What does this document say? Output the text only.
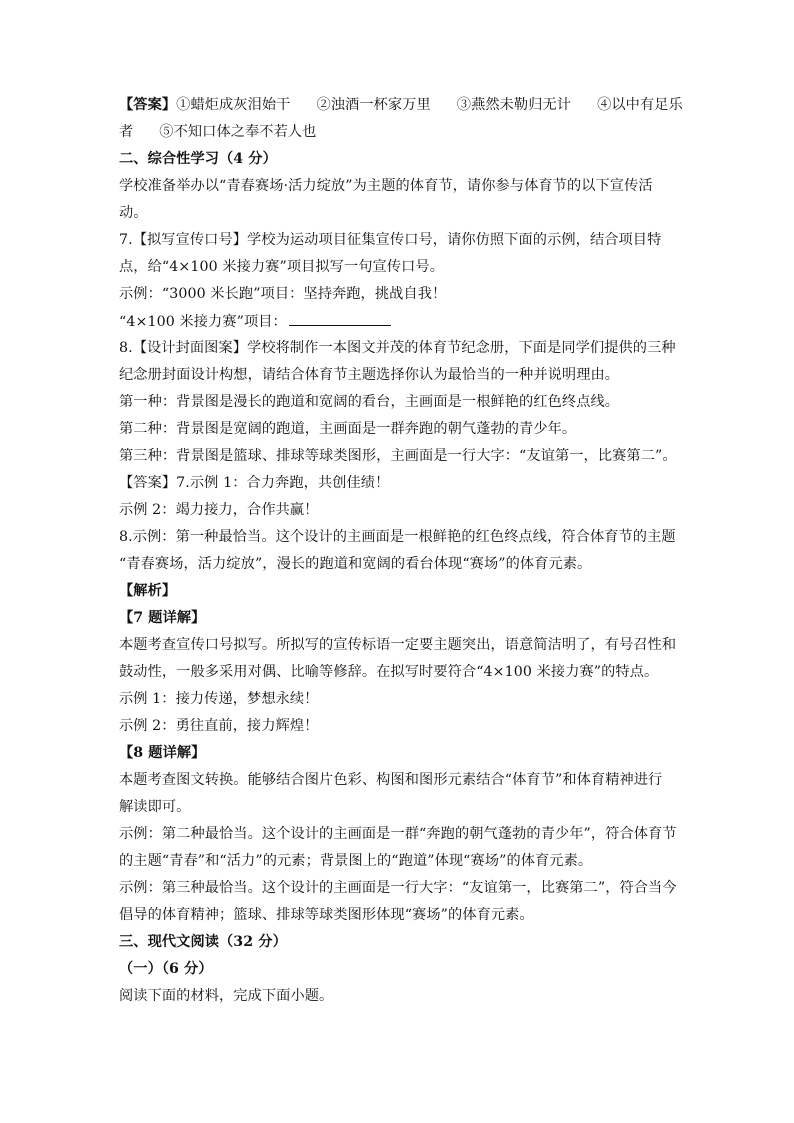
【答案】①蜡炬成灰泪始干 ②浊酒一杯家万里 ③燕然未勒归无计 ④以中有足乐
者 ⑤不知口体之奉不若人也
二、综合性学习（4 分）
学校准备举办以“青春赛场·活力绽放”为主题的体育节，请你参与体育节的以下宣传活
动。
7.【拟写宣传口号】学校为运动项目征集宣传口号，请你仿照下面的示例，结合项目特
点，给“4×100 米接力赛”项目拟写一句宣传口号。
示例：“3000 米长跑”项目：坚持奔跑，挑战自我！
“4×100 米接力赛”项目：
8.【设计封面图案】学校将制作一本图文并茂的体育节纪念册，下面是同学们提供的三种
纪念册封面设计构想，请结合体育节主题选择你认为最恰当的一种并说明理由。
第一种：背景图是漫长的跑道和宽阔的看台，主画面是一根鲜艳的红色终点线。
第二种：背景图是宽阔的跑道，主画面是一群奔跑的朝气蓬勃的青少年。
第三种：背景图是篮球、排球等球类图形，主画面是一行大字：“友谊第一，比赛第二”。
【答案】7.示例 1：合力奔跑，共创佳绩！
示例 2：竭力接力，合作共赢！
8.示例：第一种最恰当。这个设计的主画面是一根鲜艳的红色终点线，符合体育节的主题
“青春赛场，活力绽放”，漫长的跑道和宽阔的看台体现“赛场”的体育元素。
【解析】
【7 题详解】
本题考查宣传口号拟写。所拟写的宣传标语一定要主题突出，语意简洁明了，有号召性和
鼓动性，一般多采用对偶、比喻等修辞。在拟写时要符合“4×100 米接力赛”的特点。
示例 1：接力传递，梦想永续！
示例 2：勇往直前，接力辉煌！
【8 题详解】
本题考查图文转换。能够结合图片色彩、构图和图形元素结合“体育节”和体育精神进行
解读即可。
示例：第二种最恰当。这个设计的主画面是一群“奔跑的朝气蓬勃的青少年”，符合体育节
的主题“青春”和“活力”的元素；背景图上的“跑道”体现“赛场”的体育元素。
示例：第三种最恰当。这个设计的主画面是一行大字：“友谊第一，比赛第二”，符合当今
倡导的体育精神；篮球、排球等球类图形体现“赛场”的体育元素。
三、现代文阅读（32 分）
（一）（6 分）
阅读下面的材料，完成下面小题。
